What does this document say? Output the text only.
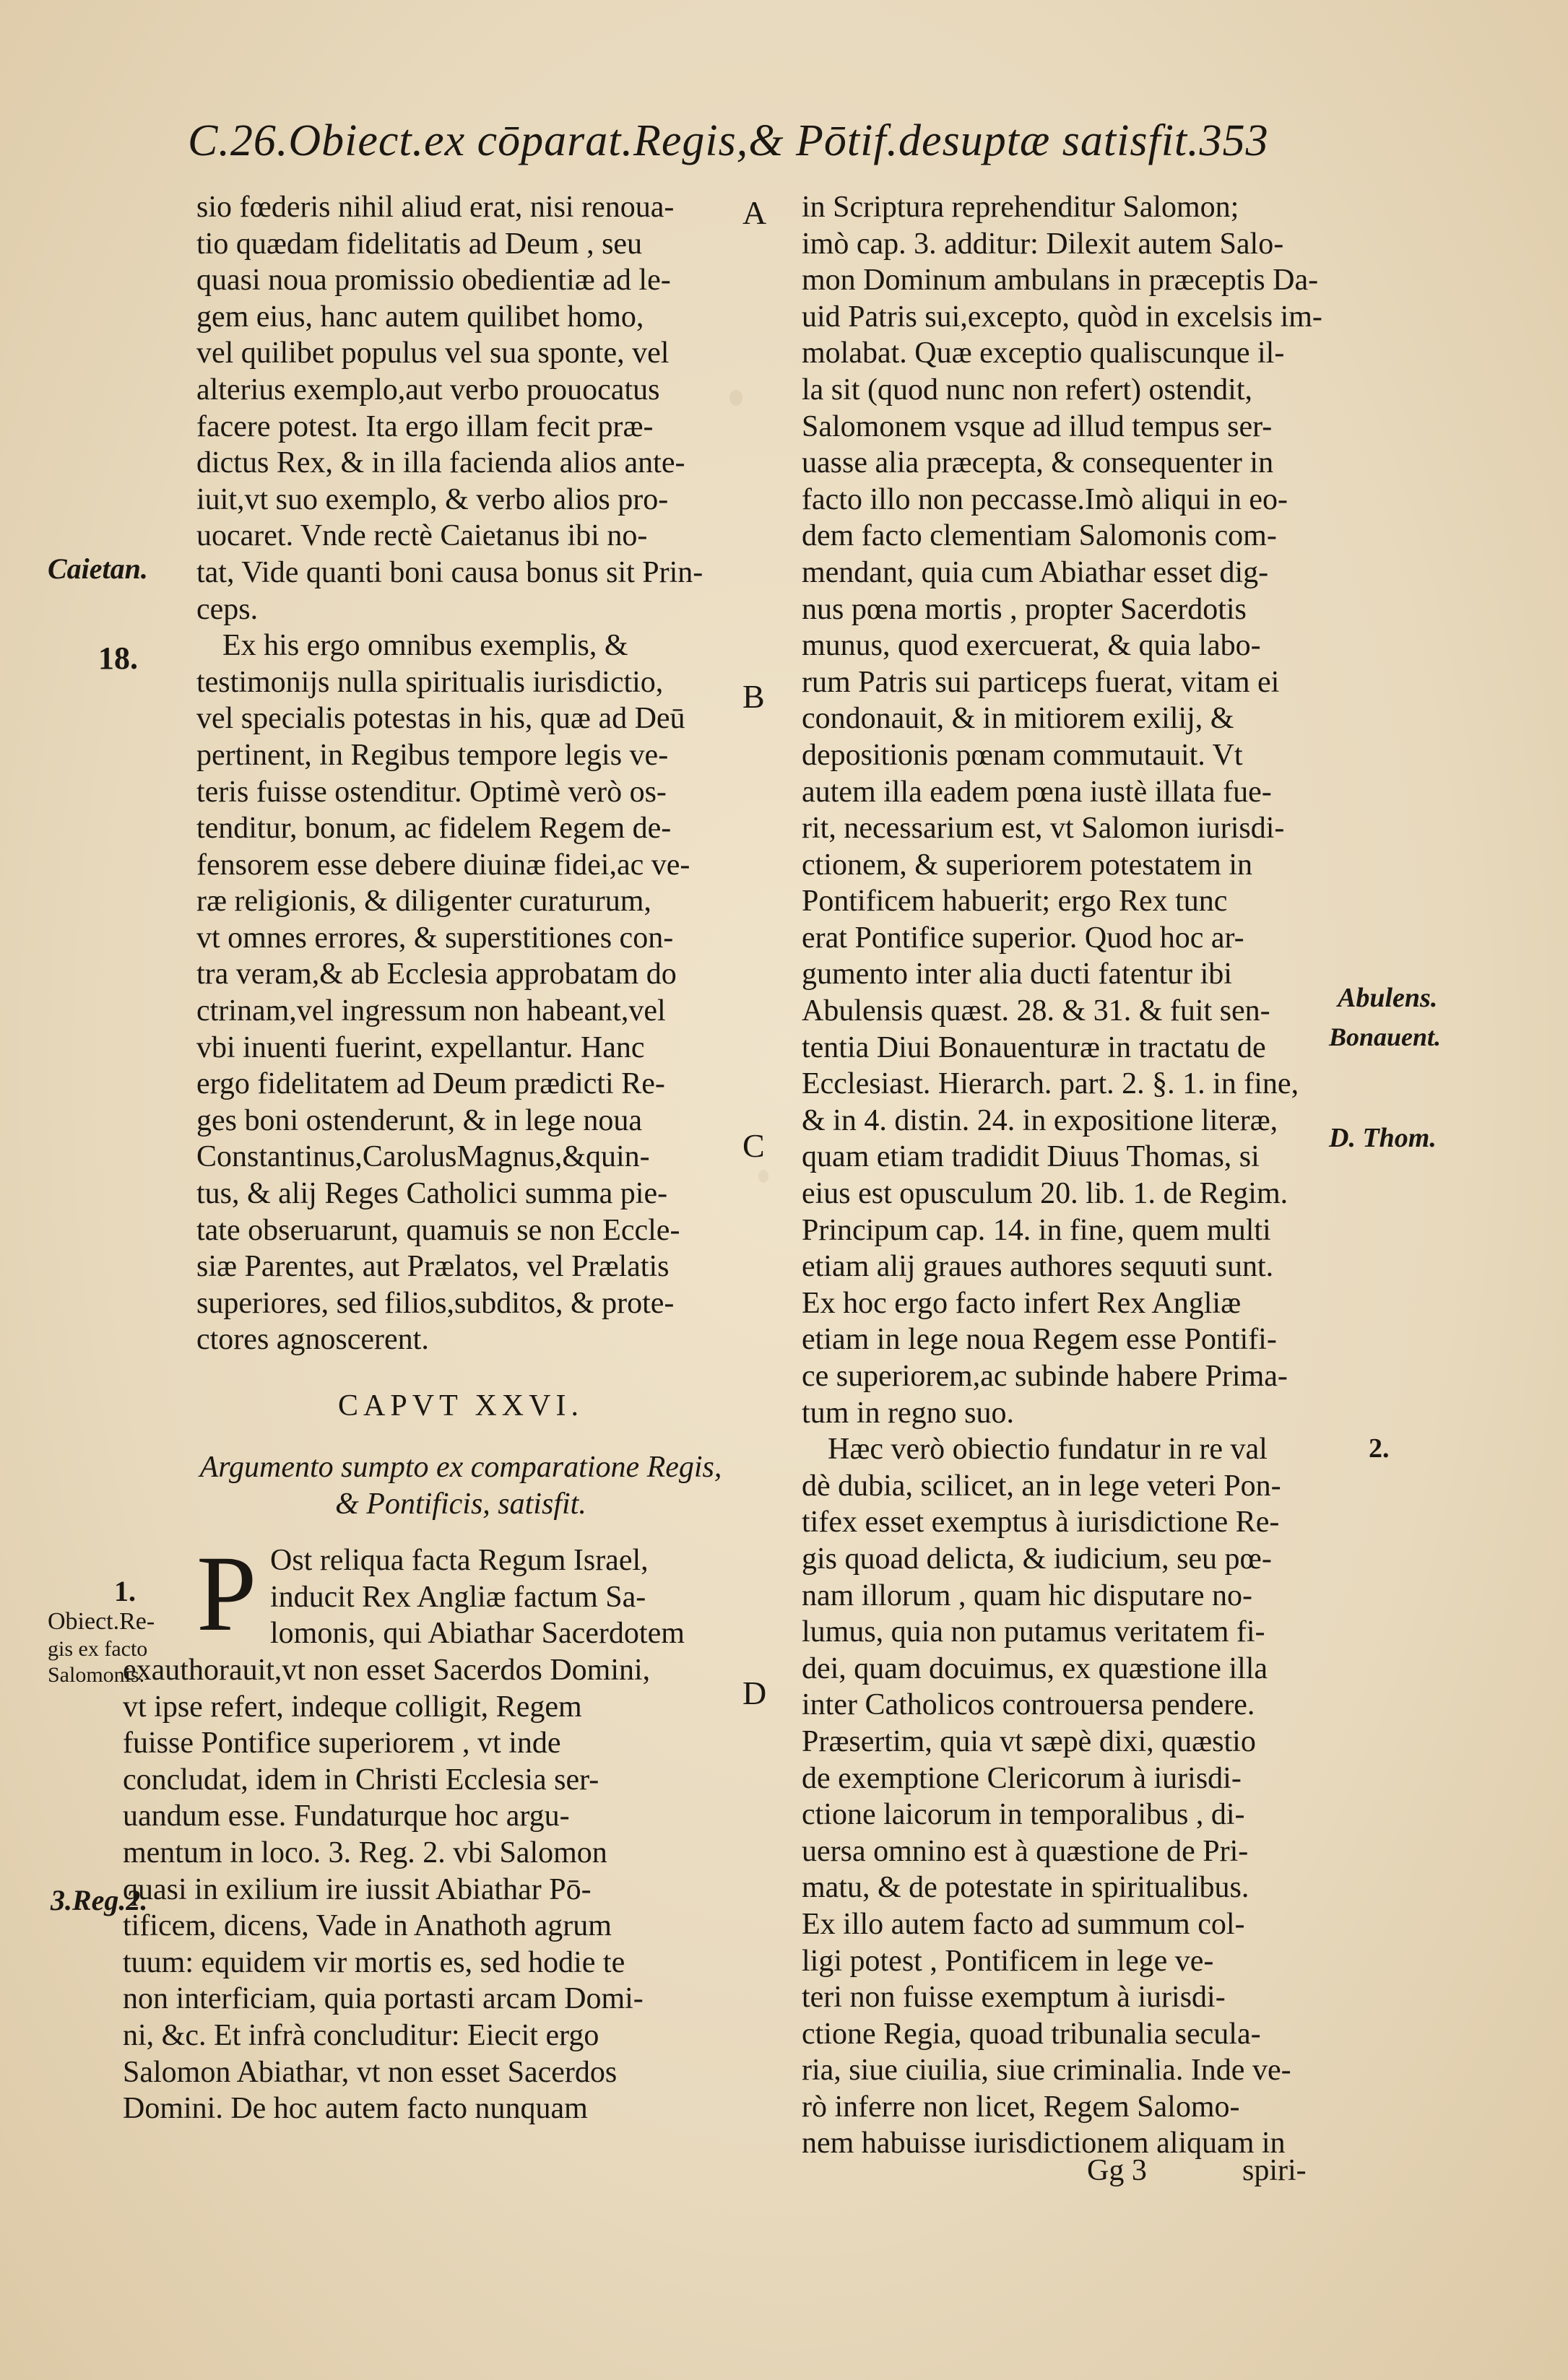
C.26.Obiect.ex cōparat.Regis,& Pōtif.desuptæ satisfit.353
sio fœderis nihil aliud erat, nisi renoua-
tio quædam fidelitatis ad Deum , seu
quasi noua promissio obedientiæ ad le-
gem eius, hanc autem quilibet homo,
vel quilibet populus vel sua sponte, vel
alterius exemplo,aut verbo prouocatus
facere potest. Ita ergo illam fecit præ-
dictus Rex, & in illa facienda alios ante-
iuit,vt suo exemplo, & verbo alios pro-
uocaret. Vnde rectè Caietanus ibi no-
tat, Vide quanti boni causa bonus sit Prin-
ceps.
Ex his ergo omnibus exemplis, &
testimonijs nulla spiritualis iurisdictio,
vel specialis potestas in his, quæ ad Deū
pertinent, in Regibus tempore legis ve-
teris fuisse ostenditur. Optimè verò os-
tenditur, bonum, ac fidelem Regem de-
fensorem esse debere diuinæ fidei,ac ve-
ræ religionis, & diligenter curaturum,
vt omnes errores, & superstitiones con-
tra veram,& ab Ecclesia approbatam do
ctrinam,vel ingressum non habeant,vel
vbi inuenti fuerint, expellantur. Hanc
ergo fidelitatem ad Deum prædicti Re-
ges boni ostenderunt, & in lege noua
Constantinus,CarolusMagnus,&quin-
tus, & alij Reges Catholici summa pie-
tate obseruarunt, quamuis se non Eccle-
siæ Parentes, aut Prælatos, vel Prælatis
superiores, sed filios,subditos, & prote-
ctores agnoscerent.
CAPVT XXVI.
Argumento sumpto ex comparatione Regis,
& Pontificis, satisfit.
P Ost reliqua facta Regum Israel,
inducit Rex Angliæ factum Sa-
lomonis, qui Abiathar Sacerdotem
exauthorauit,vt non esset Sacerdos Domini,
vt ipse refert, indeque colligit, Regem
fuisse Pontifice superiorem , vt inde
concludat, idem in Christi Ecclesia ser-
uandum esse. Fundaturque hoc argu-
mentum in loco. 3. Reg. 2. vbi Salomon
quasi in exilium ire iussit Abiathar Pō-
tificem, dicens, Vade in Anathoth agrum
tuum: equidem vir mortis es, sed hodie te
non interficiam, quia portasti arcam Domi-
ni, &c. Et infrà concluditur: Eiecit ergo
Salomon Abiathar, vt non esset Sacerdos
Domini. De hoc autem facto nunquam
in Scriptura reprehenditur Salomon;
imò cap. 3. additur: Dilexit autem Salo-
mon Dominum ambulans in præceptis Da-
uid Patris sui,excepto, quòd in excelsis im-
molabat. Quæ exceptio qualiscunque il-
la sit (quod nunc non refert) ostendit,
Salomonem vsque ad illud tempus ser-
uasse alia præcepta, & consequenter in
facto illo non peccasse.Imò aliqui in eo-
dem facto clementiam Salomonis com-
mendant, quia cum Abiathar esset dig-
nus pœna mortis , propter Sacerdotis
munus, quod exercuerat, & quia labo-
rum Patris sui particeps fuerat, vitam ei
condonauit, & in mitiorem exilij, &
depositionis pœnam commutauit. Vt
autem illa eadem pœna iustè illata fue-
rit, necessarium est, vt Salomon iurisdi-
ctionem, & superiorem potestatem in
Pontificem habuerit; ergo Rex tunc
erat Pontifice superior. Quod hoc ar-
gumento inter alia ducti fatentur ibi
Abulensis quæst. 28. & 31. & fuit sen-
tentia Diui Bonauenturæ in tractatu de
Ecclesiast. Hierarch. part. 2. §. 1. in fine,
& in 4. distin. 24. in expositione literæ,
quam etiam tradidit Diuus Thomas, si
eius est opusculum 20. lib. 1. de Regim.
Principum cap. 14. in fine, quem multi
etiam alij graues authores sequuti sunt.
Ex hoc ergo facto infert Rex Angliæ
etiam in lege noua Regem esse Pontifi-
ce superiorem,ac subinde habere Prima-
tum in regno suo.
Hæc verò obiectio fundatur in re val
dè dubia, scilicet, an in lege veteri Pon-
tifex esset exemptus à iurisdictione Re-
gis quoad delicta, & iudicium, seu pœ-
nam illorum , quam hic disputare no-
lumus, quia non putamus veritatem fi-
dei, quam docuimus, ex quæstione illa
inter Catholicos controuersa pendere.
Præsertim, quia vt sæpè dixi, quæstio
de exemptione Clericorum à iurisdi-
ctione laicorum in temporalibus , di-
uersa omnino est à quæstione de Pri-
matu, & de potestate in spiritualibus.
Ex illo autem facto ad summum col-
ligi potest , Pontificem in lege ve-
teri non fuisse exemptum à iurisdi-
ctione Regia, quoad tribunalia secula-
ria, siue ciuilia, siue criminalia. Inde ve-
rò inferre non licet, Regem Salomo-
nem habuisse iurisdictionem aliquam in
A
B
C
D
Caietan.
18.
1.
Obiect.Re-
gis ex facto
Salomonis.
3.Reg.2.
Abulens.
Bonauent.
D. Thom.
2.
Gg 3	spiri-
